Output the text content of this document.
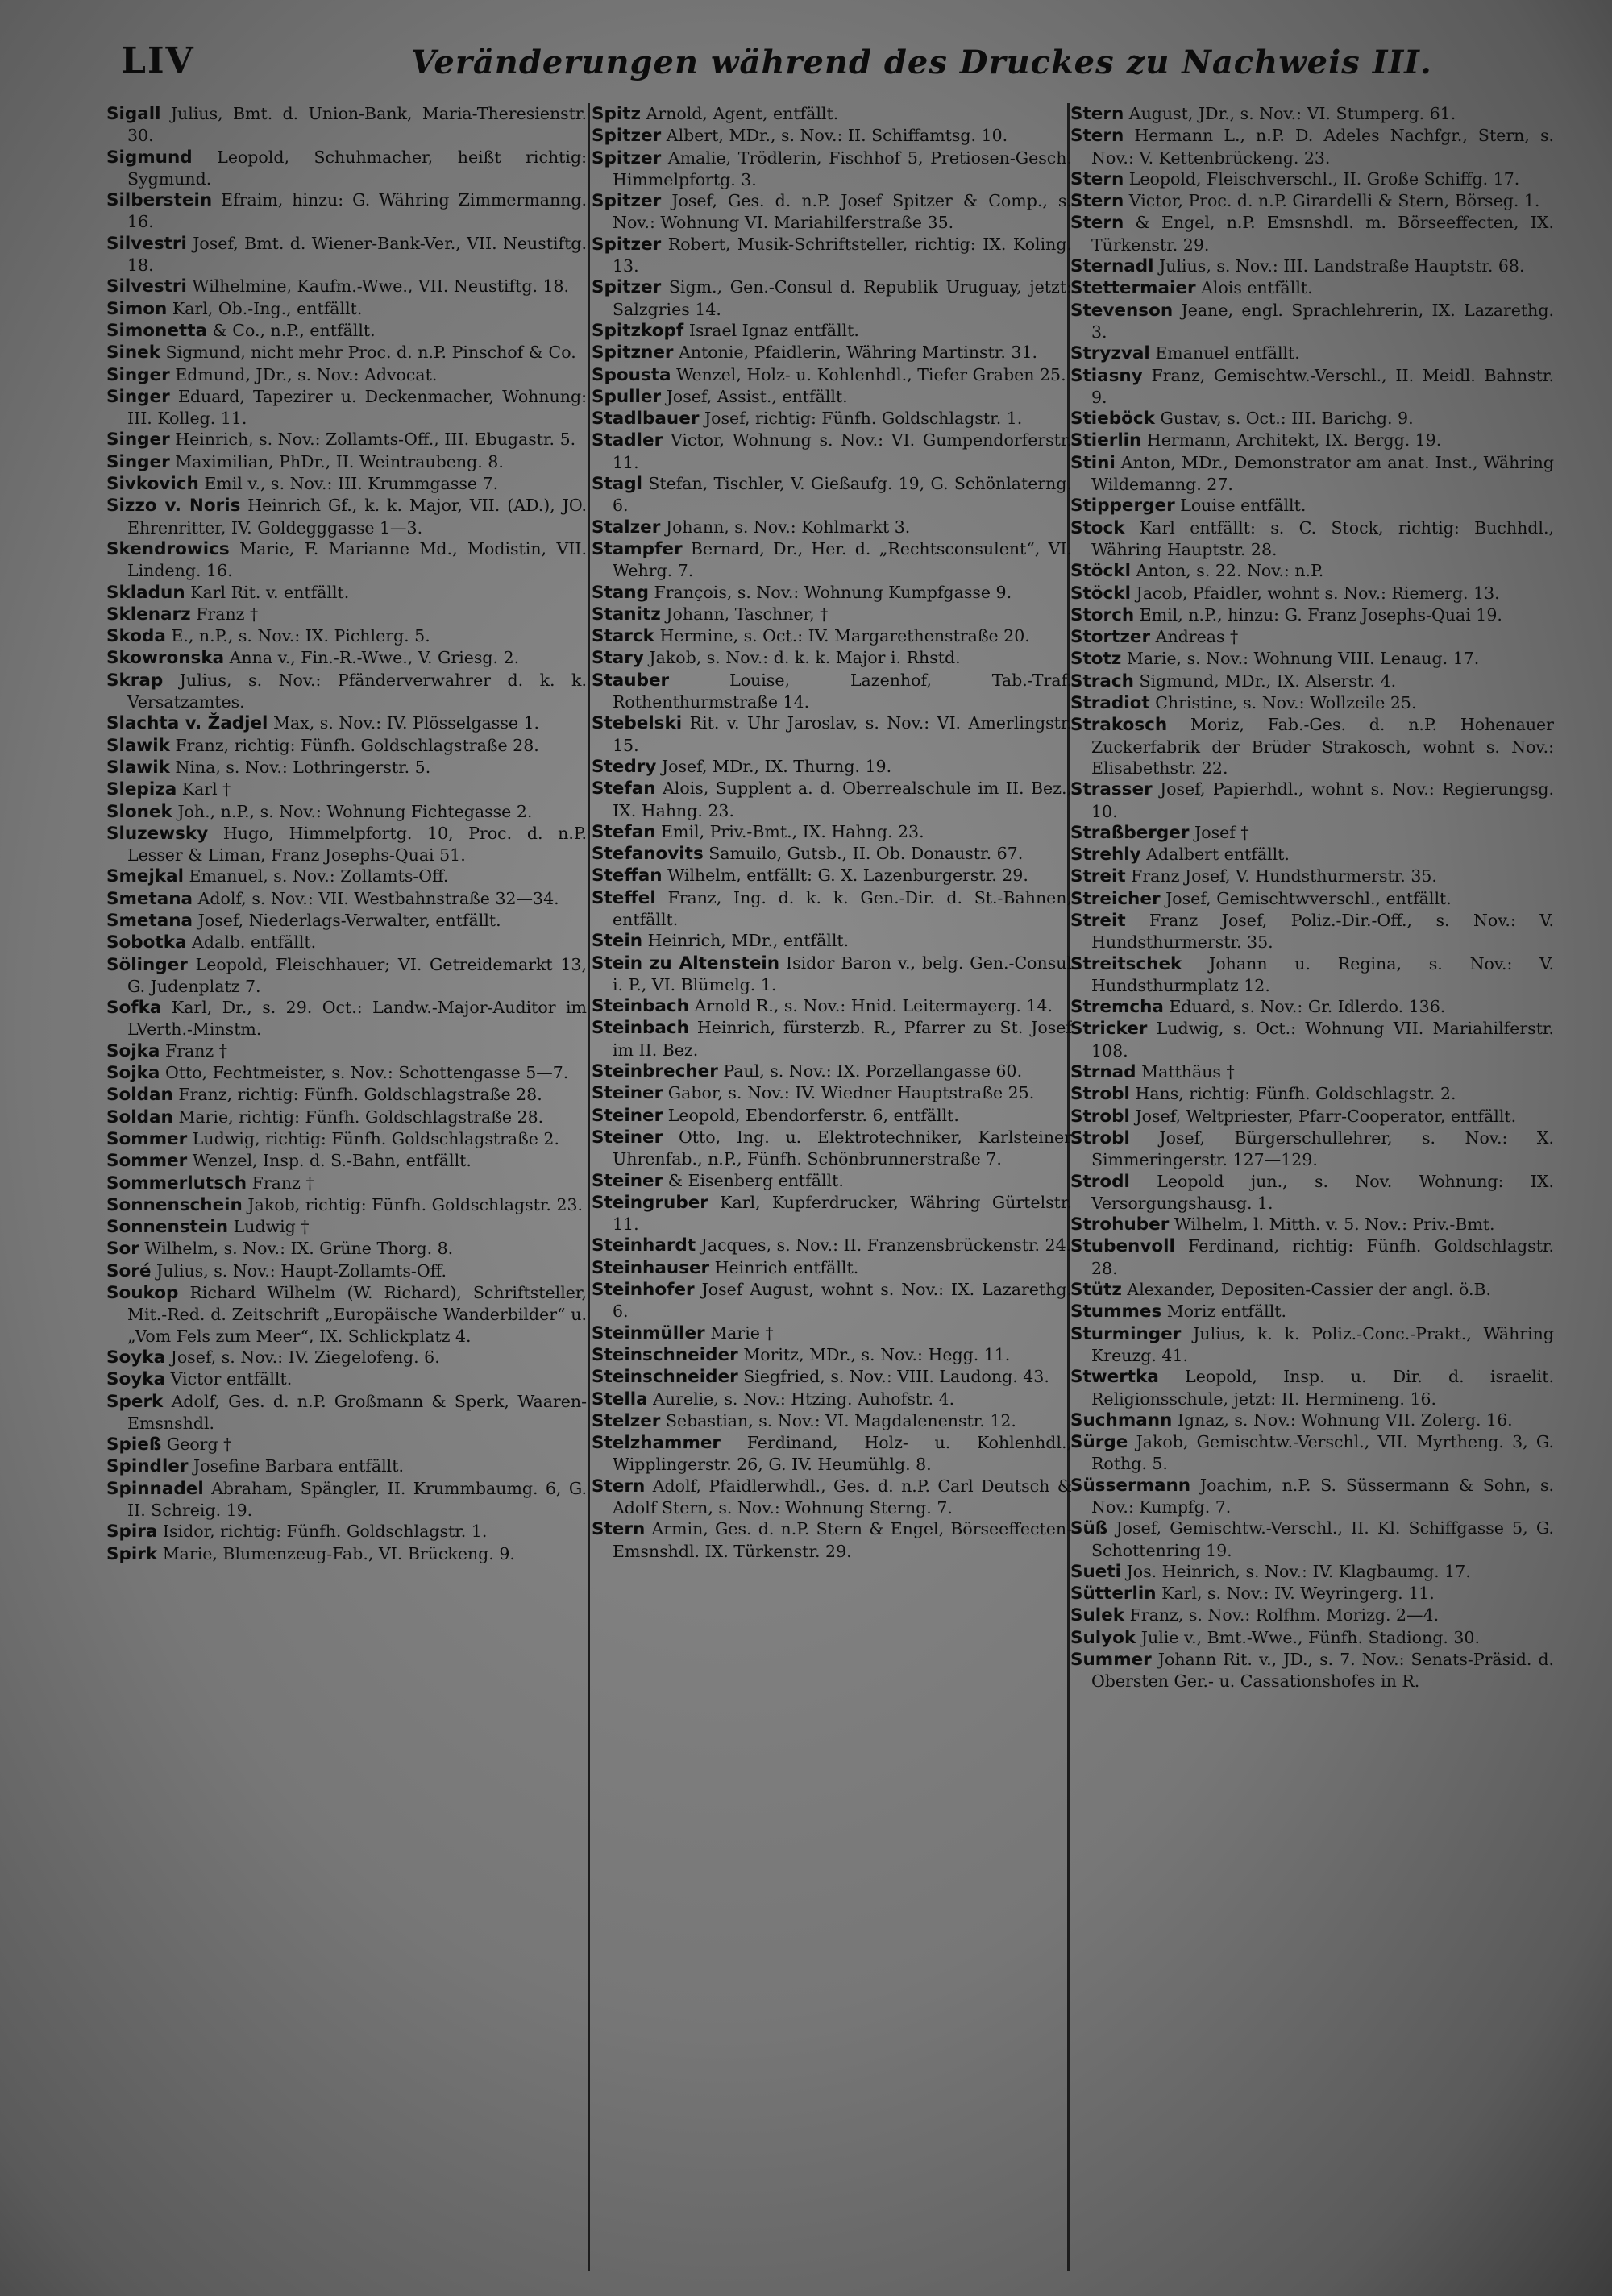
LIV	Veränderungen während des Druckes zu Nachweis III.

Sigall Julius, Bmt. d. Union-Bank, Maria-Theresienstr. 30.

Sigmund Leopold, Schuhmacher, heißt richtig: Sygmund.

Silberstein Efraim, hinzu: G. Währing Zimmermanng. 16.

Silvestri Josef, Bmt. d. Wiener-Bank-Ver., VII. Neustiftg. 18.

Silvestri Wilhelmine, Kaufm.-Wwe., VII. Neustiftg. 18.

Simon Karl, Ob.-Ing., entfällt.

Simonetta & Co., n.P., entfällt.

Sinek Sigmund, nicht mehr Proc. d. n.P. Pinschof & Co.

Singer Edmund, JDr., s. Nov.: Advocat.

Singer Eduard, Tapezirer u. Deckenmacher, Wohnung: III. Kolleg. 11.

Singer Heinrich, s. Nov.: Zollamts-Off., III. Ebugastr. 5.

Singer Maximilian, PhDr., II. Weintraubeng. 8.

Sivkovich Emil v., s. Nov.: III. Krummgasse 7.

Sizzo v. Noris Heinrich Gf., k. k. Major, VII. (AD.), JO. Ehrenritter, IV. Goldegggasse 1—3.

Skendrowics Marie, F. Marianne Md., Modistin, VII. Lindeng. 16.

Skladun Karl Rit. v. entfällt.

Sklenarz Franz †

Skoda E., n.P., s. Nov.: IX. Pichlerg. 5.

Skowronska Anna v., Fin.-R.-Wwe., V. Griesg. 2.

Skrap Julius, s. Nov.: Pfänderverwahrer d. k. k. Versatzamtes.

Slachta v. Žadjel Max, s. Nov.: IV. Plösselgasse 1.

Slawik Franz, richtig: Fünfh. Goldschlagstraße 28.

Slawik Nina, s. Nov.: Lothringerstr. 5.

Slepiza Karl †

Slonek Joh., n.P., s. Nov.: Wohnung Fichtegasse 2.

Sluzewsky Hugo, Himmelpfortg. 10, Proc. d. n.P. Lesser & Liman, Franz Josephs-Quai 51.

Smejkal Emanuel, s. Nov.: Zollamts-Off.

Smetana Adolf, s. Nov.: VII. Westbahnstraße 32—34.

Smetana Josef, Niederlags-Verwalter, entfällt.

Sobotka Adalb. entfällt.

Sölinger Leopold, Fleischhauer; VI. Getreidemarkt 13, G. Judenplatz 7.

Sofka Karl, Dr., s. 29. Oct.: Landw.-Major-Auditor im LVerth.-Minstm.

Sojka Franz †

Sojka Otto, Fechtmeister, s. Nov.: Schottengasse 5—7.

Soldan Franz, richtig: Fünfh. Goldschlagstraße 28.

Soldan Marie, richtig: Fünfh. Goldschlagstraße 28.

Sommer Ludwig, richtig: Fünfh. Goldschlagstraße 2.

Sommer Wenzel, Insp. d. S.-Bahn, entfällt.

Sommerlutsch Franz †

Sonnenschein Jakob, richtig: Fünfh. Goldschlagstr. 23.

Sonnenstein Ludwig †

Sor Wilhelm, s. Nov.: IX. Grüne Thorg. 8.

Soré Julius, s. Nov.: Haupt-Zollamts-Off.

Soukop Richard Wilhelm (W. Richard), Schriftsteller, Mit.-Red. d. Zeitschrift „Europäische Wanderbilder“ u. „Vom Fels zum Meer“, IX. Schlickplatz 4.

Soyka Josef, s. Nov.: IV. Ziegelofeng. 6.

Soyka Victor entfällt.

Sperk Adolf, Ges. d. n.P. Großmann & Sperk, Waaren-Emsnshdl.

Spieß Georg †

Spindler Josefine Barbara entfällt.

Spinnadel Abraham, Spängler, II. Krummbaumg. 6, G. II. Schreig. 19.

Spira Isidor, richtig: Fünfh. Goldschlagstr. 1.

Spirk Marie, Blumenzeug-Fab., VI. Brückeng. 9.

Spitz Arnold, Agent, entfällt.

Spitzer Albert, MDr., s. Nov.: II. Schiffamtsg. 10.

Spitzer Amalie, Trödlerin, Fischhof 5, Pretiosen-Gesch. Himmelpfortg. 3.

Spitzer Josef, Ges. d. n.P. Josef Spitzer & Comp., s. Nov.: Wohnung VI. Mariahilferstraße 35.

Spitzer Robert, Musik-Schriftsteller, richtig: IX. Koling. 13.

Spitzer Sigm., Gen.-Consul d. Republik Uruguay, jetzt: Salzgries 14.

Spitzkopf Israel Ignaz entfällt.

Spitzner Antonie, Pfaidlerin, Währing Martinstr. 31.

Spousta Wenzel, Holz- u. Kohlenhdl., Tiefer Graben 25.

Spuller Josef, Assist., entfällt.

Stadlbauer Josef, richtig: Fünfh. Goldschlagstr. 1.

Stadler Victor, Wohnung s. Nov.: VI. Gumpendorferstr. 11.

Stagl Stefan, Tischler, V. Gießaufg. 19, G. Schönlaterng. 6.

Stalzer Johann, s. Nov.: Kohlmarkt 3.

Stampfer Bernard, Dr., Her. d. „Rechtsconsulent“, VI. Wehrg. 7.

Stang François, s. Nov.: Wohnung Kumpfgasse 9.

Stanitz Johann, Taschner, †

Starck Hermine, s. Oct.: IV. Margarethenstraße 20.

Stary Jakob, s. Nov.: d. k. k. Major i. Rhstd.

Stauber	Louise, Lazenhof, Tab.-Traf. Rothenthurmstraße 14.

Stebelski Rit. v. Uhr Jaroslav, s. Nov.: VI. Amerlingstr. 15.

Stedry Josef, MDr., IX. Thurng. 19.

Stefan Alois, Supplent a. d. Oberrealschule im II. Bez., IX. Hahng. 23.

Stefan Emil, Priv.-Bmt., IX. Hahng. 23.

Stefanovits Samuilo, Gutsb., II. Ob. Donaustr. 67.

Steffan Wilhelm, entfällt: G. X. Lazenburgerstr. 29.

Steffel Franz, Ing. d. k. k. Gen.-Dir. d. St.-Bahnen, entfällt.

Stein Heinrich, MDr., entfällt.

Stein zu Altenstein Isidor Baron v., belg. Gen.-Consul i. P., VI. Blümelg. 1.

Steinbach Arnold R., s. Nov.: Hnid. Leitermayerg. 14.

Steinbach Heinrich, fürsterzb. R., Pfarrer zu St. Josef im II. Bez.

Steinbrecher Paul, s. Nov.: IX. Porzellangasse 60.

Steiner Gabor, s. Nov.: IV. Wiedner Hauptstraße 25.

Steiner Leopold, Ebendorferstr. 6, entfällt.

Steiner Otto, Ing. u. Elektrotechniker, Karlsteiner Uhrenfab., n.P., Fünfh. Schönbrunnerstraße 7.

Steiner & Eisenberg entfällt.

Steingruber Karl, Kupferdrucker, Währing Gürtelstr. 11.

Steinhardt Jacques, s. Nov.: II. Franzensbrückenstr. 24.

Steinhauser Heinrich entfällt.

Steinhofer Josef August, wohnt s. Nov.: IX. Lazarethg. 6.

Steinmüller Marie †

Steinschneider Moritz, MDr., s. Nov.: Hegg. 11.

Steinschneider Siegfried, s. Nov.: VIII. Laudong. 43.

Stella Aurelie, s. Nov.: Htzing. Auhofstr. 4.

Stelzer Sebastian, s. Nov.: VI. Magdalenenstr. 12.

Stelzhammer Ferdinand, Holz- u. Kohlenhdl., Wipplingerstr. 26, G. IV. Heumühlg. 8.

Stern Adolf, Pfaidlerwhdl., Ges. d. n.P. Carl Deutsch & Adolf Stern, s. Nov.: Wohnung Sterng. 7.

Stern Armin, Ges. d. n.P. Stern & Engel, Börseeffecten-Emsnshdl. IX. Türkenstr. 29.

Stern August, JDr., s. Nov.: VI. Stumperg. 61.

Stern Hermann L., n.P. D. Adeles Nachfgr., Stern, s. Nov.: V. Kettenbrückeng. 23.

Stern Leopold, Fleischverschl., II. Große Schiffg. 17.

Stern Victor, Proc. d. n.P. Girardelli & Stern, Börseg. 1.

Stern & Engel, n.P. Emsnshdl. m. Börseeffecten, IX. Türkenstr. 29.

Sternadl Julius, s. Nov.: III. Landstraße Hauptstr. 68.

Stettermaier Alois entfällt.

Stevenson Jeane, engl. Sprachlehrerin, IX. Lazarethg. 3.

Stryzval Emanuel entfällt.

Stiasny Franz, Gemischtw.-Verschl., II. Meidl. Bahnstr. 9.

Stieböck Gustav, s. Oct.: III. Barichg. 9.

Stierlin Hermann, Architekt, IX. Bergg. 19.

Stini Anton, MDr., Demonstrator am anat. Inst., Währing Wildemanng. 27.

Stipperger Louise entfällt.

Stock Karl entfällt: s. C. Stock, richtig: Buchhdl., Währing Hauptstr. 28.

Stöckl Anton, s. 22. Nov.: n.P.

Stöckl Jacob, Pfaidler, wohnt s. Nov.: Riemerg. 13.

Storch Emil, n.P., hinzu: G. Franz Josephs-Quai 19.

Stortzer Andreas †

Stotz Marie, s. Nov.: Wohnung VIII. Lenaug. 17.

Strach Sigmund, MDr., IX. Alserstr. 4.

Stradiot Christine, s. Nov.: Wollzeile 25.

Strakosch Moriz, Fab.-Ges. d. n.P. Hohenauer Zuckerfabrik der Brüder Strakosch, wohnt s. Nov.: Elisabethstr. 22.

Strasser Josef, Papierhdl., wohnt s. Nov.: Regierungsg. 10.

Straßberger Josef †

Strehly Adalbert entfällt.

Streit Franz Josef, V. Hundsthurmerstr. 35.

Streicher Josef, Gemischtwverschl., entfällt.

Streit Franz Josef, Poliz.-Dir.-Off., s. Nov.: V. Hundsthurmerstr. 35.

Streitschek Johann u. Regina, s. Nov.: V. Hundsthurmplatz 12.

Stremcha Eduard, s. Nov.: Gr. Idlerdo. 136.

Stricker Ludwig, s. Oct.: Wohnung VII. Mariahilferstr. 108.

Strnad Matthäus †

Strobl Hans, richtig: Fünfh. Goldschlagstr. 2.

Strobl Josef, Weltpriester, Pfarr-Cooperator, entfällt.

Strobl Josef, Bürgerschullehrer, s. Nov.: X. Simmeringerstr. 127—129.

Strodl Leopold jun., s. Nov. Wohnung: IX. Versorgungshausg. 1.

Strohuber Wilhelm, l. Mitth. v. 5. Nov.: Priv.-Bmt.

Stubenvoll Ferdinand, richtig: Fünfh. Goldschlagstr. 28.

Stütz Alexander, Depositen-Cassier der angl. ö.B.

Stummes Moriz entfällt.

Sturminger Julius, k. k. Poliz.-Conc.-Prakt., Währing Kreuzg. 41.

Stwertka Leopold, Insp. u. Dir. d. israelit. Religionsschule, jetzt: II. Hermineng. 16.

Suchmann Ignaz, s. Nov.: Wohnung VII. Zolerg. 16.

Sürge Jakob, Gemischtw.-Verschl., VII. Myrtheng. 3, G. Rothg. 5.

Süssermann Joachim, n.P. S. Süssermann & Sohn, s. Nov.: Kumpfg. 7.

Süß Josef, Gemischtw.-Verschl., II. Kl. Schiffgasse 5, G. Schottenring 19.

Sueti Jos. Heinrich, s. Nov.: IV. Klagbaumg. 17.

Sütterlin Karl, s. Nov.: IV. Weyringerg. 11.

Sulek Franz, s. Nov.: Rolfhm. Morizg. 2—4.

Sulyok Julie v., Bmt.-Wwe., Fünfh. Stadiong. 30.

Summer Johann Rit. v., JD., s. 7. Nov.: Senats-Präsid. d. Obersten Ger.- u. Cassationshofes in R.
